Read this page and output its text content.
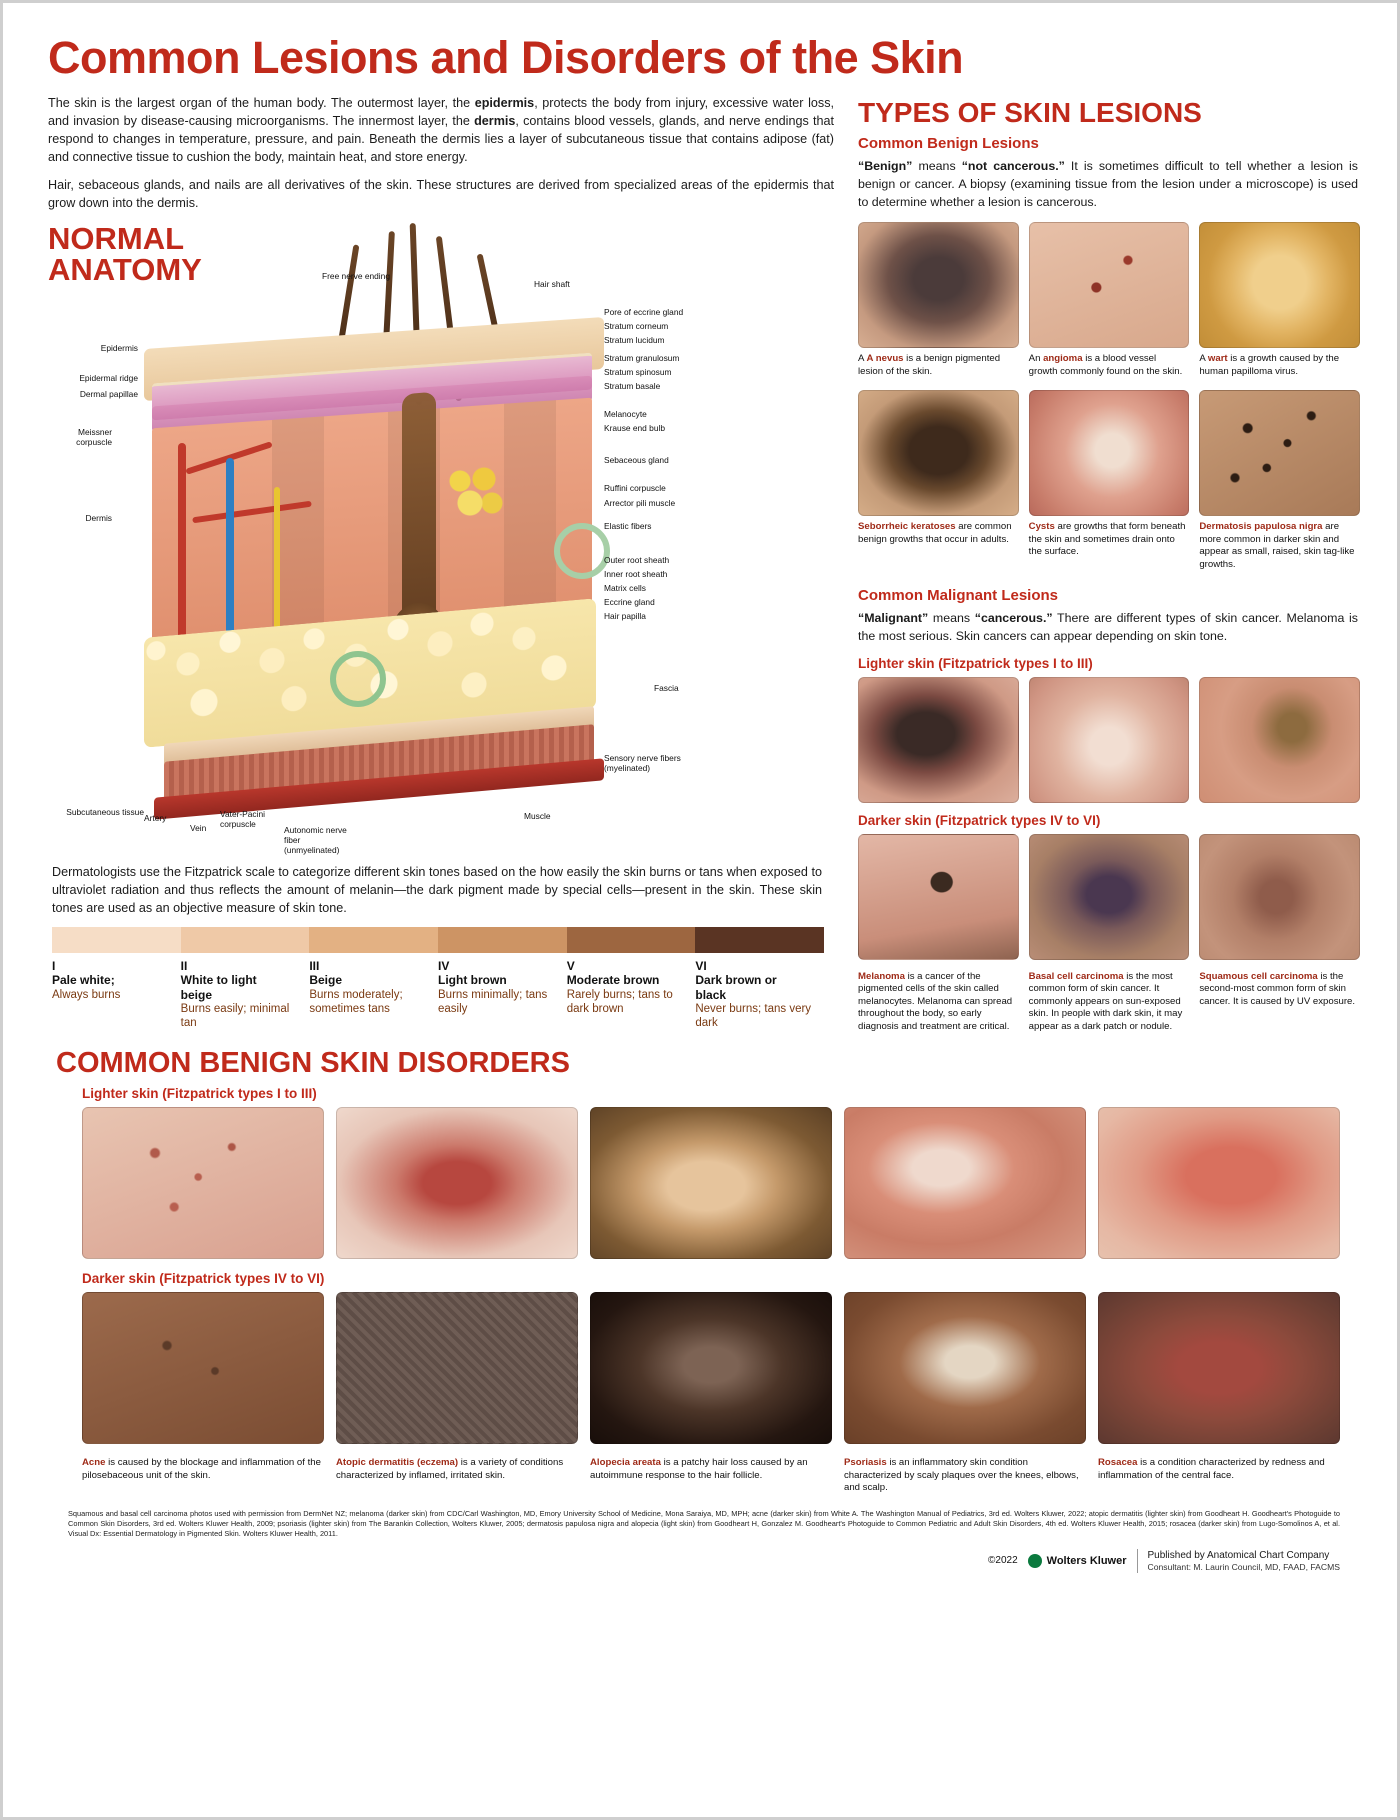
Common Lesions and Disorders of the Skin

The skin is the largest organ of the human body. The outermost layer, the epidermis, protects the body from injury, excessive water loss, and invasion by disease-causing microorganisms. The innermost layer, the dermis, contains blood vessels, glands, and nerve endings that respond to changes in temperature, pressure, and pain. Beneath the dermis lies a layer of subcutaneous tissue that contains adipose (fat) and connective tissue to cushion the body, maintain heat, and store energy.

Hair, sebaceous glands, and nails are all derivatives of the skin. These structures are derived from specialized areas of the epidermis that grow down into the dermis.

NORMAL
ANATOMY	Free nerve ending
Hair shaft
Pore of eccrine gland
Stratum corneum
Stratum lucidum
Stratum granulosum
Stratum spinosum
Stratum basale
Melanocyte
Krause end bulb
Sebaceous gland
Ruffini corpuscle
Arrector pili muscle
Elastic fibers
Outer root sheath
Inner root sheath
Matrix cells
Eccrine gland
Hair papilla
Fascia
Sensory nerve fibers (myelinated)
Muscle
Epidermis
Epidermal ridge
Dermal papillae
Meissner corpuscle
Dermis
Subcutaneous tissue
Artery
Vein
Vater-Pacini corpuscle
Autonomic nerve fiber (unmyelinated)

Dermatologists use the Fitzpatrick scale to categorize different skin tones based on the how easily the skin burns or tans when exposed to ultraviolet radiation and thus reflects the amount of melanin—the dark pigment made by special cells—present in the skin. These skin tones are used as an objective measure of skin tone.

I
Pale white;
Always burns
II
White to light
beige
Burns easily; minimal tan
III
Beige
Burns moderately; sometimes tans
IV
Light brown
Burns minimally; tans easily
V
Moderate brown
Rarely burns; tans to dark brown
VI
Dark brown or
black
Never burns; tans very dark
TYPES OF SKIN LESIONS
Common Benign Lesions

“Benign” means “not cancerous.” It is sometimes difficult to tell whether a lesion is benign or cancer. A biopsy (examining tissue from the lesion under a microscope) is used to determine whether a lesion is cancerous.

A A nevus is a benign pigmented lesion of the skin.
An angioma is a blood vessel growth commonly found on the skin.
A wart is a growth caused by the human papilloma virus.
Seborrheic keratoses are common benign growths that occur in adults.
Cysts are growths that form beneath the skin and sometimes drain onto the surface.
Dermatosis papulosa nigra are more common in darker skin and appear as small, raised, skin tag-like growths.
Common Malignant Lesions

“Malignant” means “cancerous.” There are different types of skin cancer. Melanoma is the most serious. Skin cancers can appear depending on skin tone.

Lighter skin (Fitzpatrick types I to III)
Darker skin (Fitzpatrick types IV to VI)
Melanoma is a cancer of the pigmented cells of the skin called melanocytes. Melanoma can spread throughout the body, so early diagnosis and treatment are critical.
Basal cell carcinoma is the most common form of skin cancer. It commonly appears on sun-exposed skin. In people with dark skin, it may appear as a dark patch or nodule.
Squamous cell carcinoma is the second-most common form of skin cancer. It is caused by UV exposure.
COMMON BENIGN SKIN DISORDERS
Lighter skin (Fitzpatrick types I to III)
Darker skin (Fitzpatrick types IV to VI)
Acne is caused by the blockage and inflammation of the pilosebaceous unit of the skin.
Atopic dermatitis (eczema) is a variety of conditions characterized by inflamed, irritated skin.
Alopecia areata is a patchy hair loss caused by an autoimmune response to the hair follicle.
Psoriasis is an inflammatory skin condition characterized by scaly plaques over the knees, elbows, and scalp.
Rosacea is a condition characterized by redness and inflammation of the central face.
Squamous and basal cell carcinoma photos used with permission from DermNet NZ; melanoma (darker skin) from CDC/Carl Washington, MD, Emory University School of Medicine, Mona Saraiya, MD, MPH; acne (darker skin) from White A. The Washington Manual of Pediatrics, 3rd ed. Wolters Kluwer, 2022; atopic dermatitis (lighter skin) from Goodheart H. Goodheart's Photoguide to Common Skin Disorders, 3rd ed. Wolters Kluwer Health, 2009; psoriasis (lighter skin) from The Barankin Collection, Wolters Kluwer, 2005; dermatosis papulosa nigra and alopecia (light skin) from Goodheart H, Gonzalez M. Goodheart's Photoguide to Common Pediatric and Adult Skin Disorders, 4th ed. Wolters Kluwer Health, 2015; rosacea (darker skin) from Lugo-Somolinos A, et al. Visual Dx: Essential Dermatology in Pigmented Skin. Wolters Kluwer Health, 2011.
©2022	Wolters Kluwer Published by Anatomical Chart Company
Consultant: M. Laurin Council, MD, FAAD, FACMS
